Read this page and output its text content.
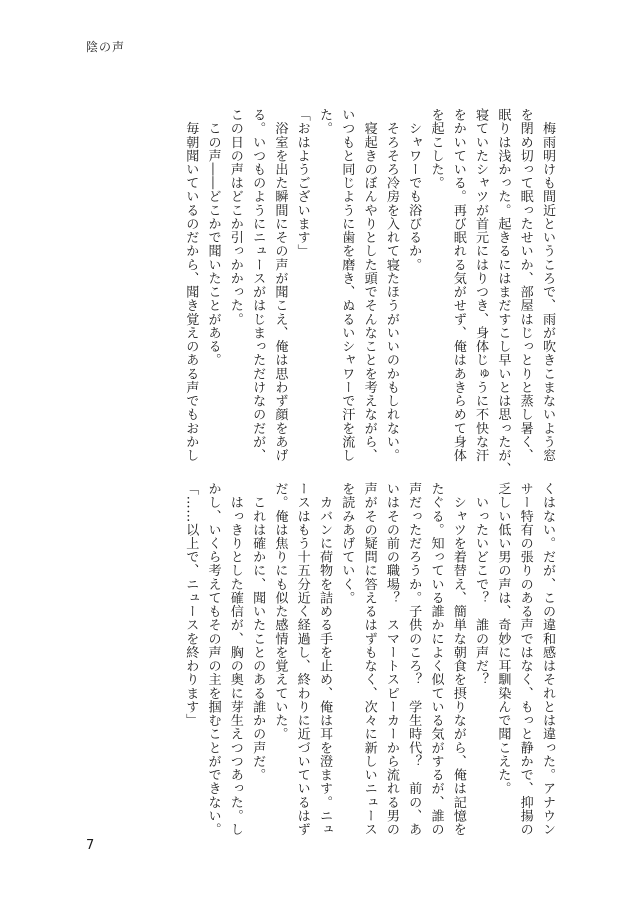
陰の声
　梅雨明けも間近というころで、雨が吹きこまないよう窓
を閉め切って眠ったせいか、部屋はじっとりと蒸し暑く、
眠りは浅かった。起きるにはまだすこし早いとは思ったが、
寝ていたシャツが首元にはりつき、身体じゅうに不快な汗
をかいている。再び眠れる気がせず、俺はあきらめて身体
を起こした。
　シャワーでも浴びるか。
　そろそろ冷房を入れて寝たほうがいいのかもしれない。
　寝起きのぼんやりとした頭でそんなことを考えながら、
いつもと同じように歯を磨き、ぬるいシャワーで汗を流し
た。
「おはようございます」
　浴室を出た瞬間にその声が聞こえ、俺は思わず顔をあげ
る。いつものようにニュースがはじまっただけなのだが、
この日の声はどこか引っかかった。
　この声――どこかで聞いたことがある。
　毎朝聞いているのだから、聞き覚えのある声でもおかし
くはない。だが、この違和感はそれとは違った。アナウン
サー特有の張りのある声ではなく、もっと静かで、抑揚の
乏しい低い男の声は、奇妙に耳馴染んで聞こえた。
　いったいどこで？　誰の声だ？
　シャツを着替え、簡単な朝食を摂りながら、俺は記憶を
たぐる。知っている誰かによく似ている気がするが、誰の
声だっただろうか。子供のころ？　学生時代？　前の、あ
いはその前の職場？　スマートスピーカーから流れる男の
声がその疑問に答えるはずもなく、次々に新しいニュース
を読みあげていく。
　カバンに荷物を詰める手を止め、俺は耳を澄ます。ニュ
ースはもう十五分近く経過し、終わりに近づいているはず
だ。俺は焦りにも似た感情を覚えていた。
　これは確かに、聞いたことのある誰かの声だ。
　はっきりとした確信が、胸の奥に芽生えつつあった。し
かし、いくら考えてもその声の主を掴むことができない。
「……以上で、ニュースを終わります」
7
